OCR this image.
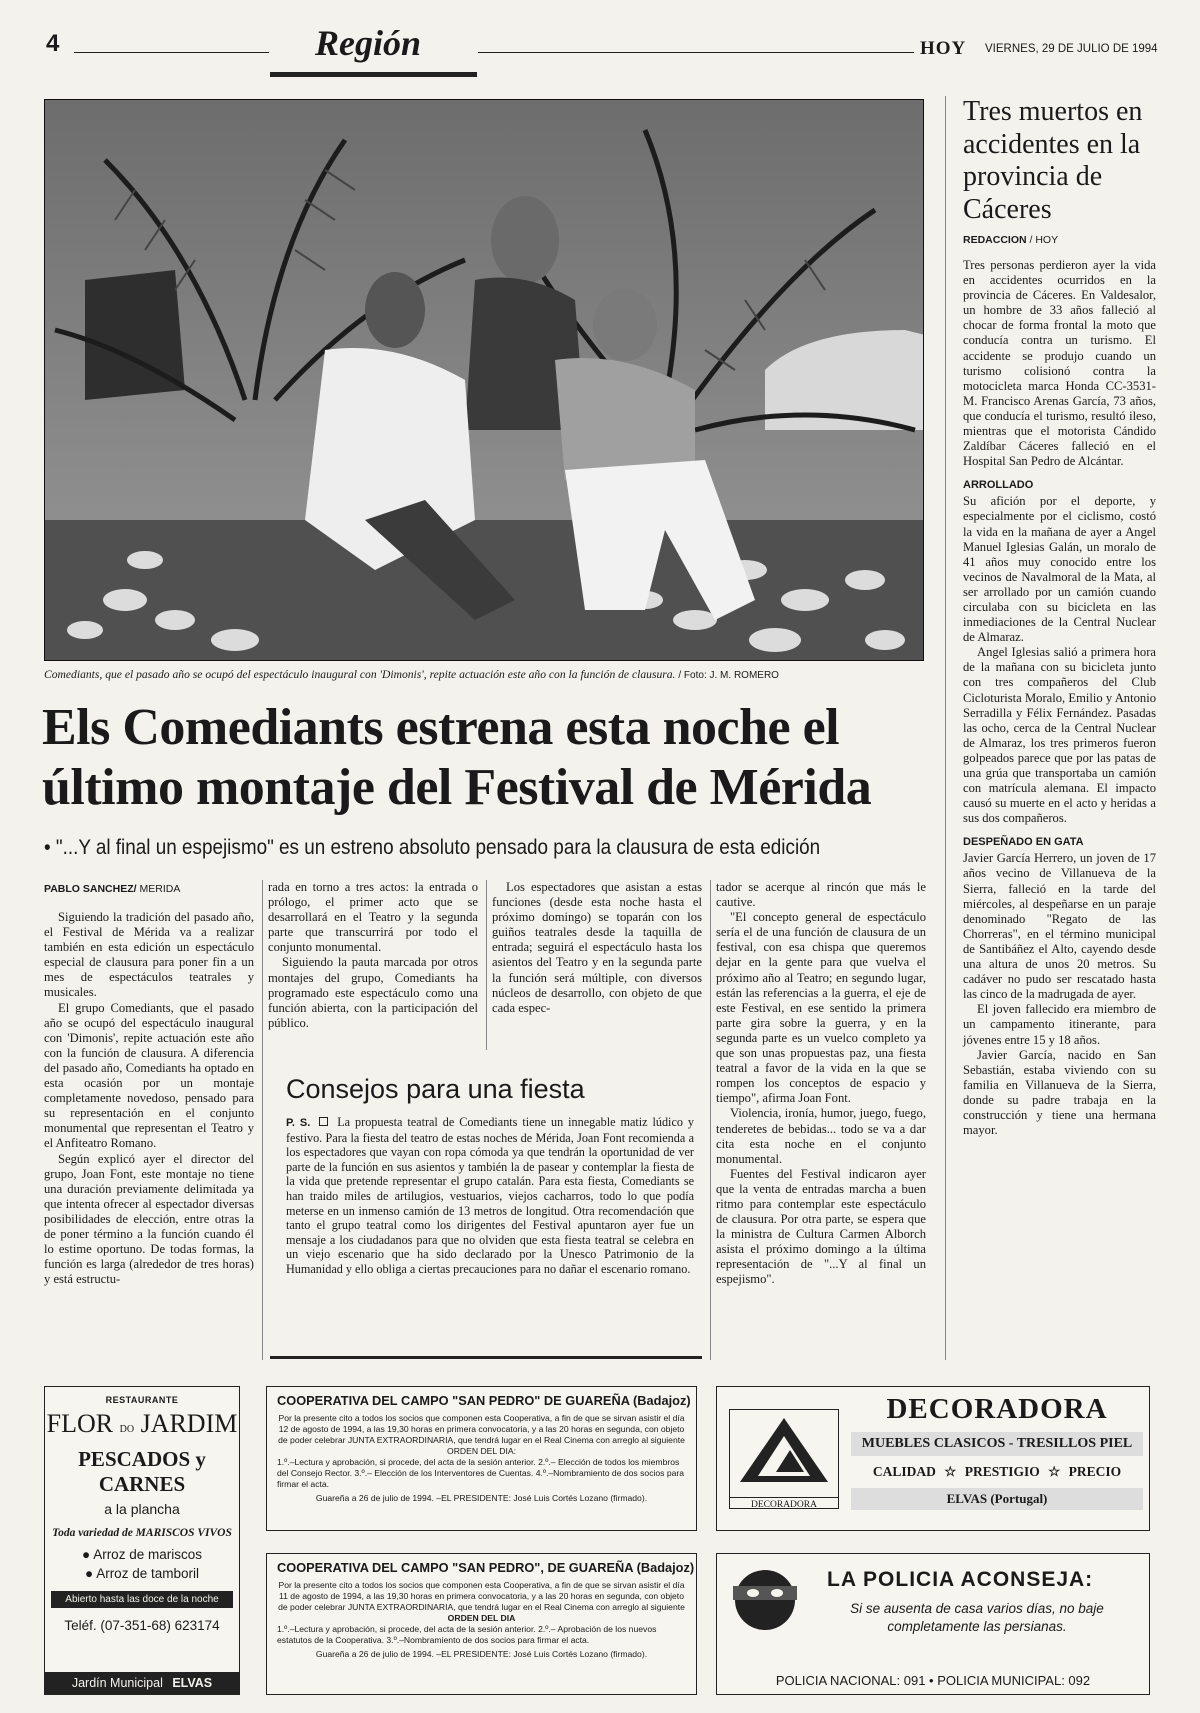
4	Región	HOY VIERNES, 29 DE JULIO DE 1994
Comediants, que el pasado año se ocupó del espectáculo inaugural con 'Dimonis', repite actuación este año con la función de clausura. / Foto: J. M. ROMERO
Els Comediants estrena esta noche el
último montaje del Festival de Mérida
• "...Y al final un espejismo" es un estreno absoluto pensado para la clausura de esta edición
PABLO SANCHEZ/ MERIDA

Siguiendo la tradición del pasado año, el Festival de Mérida va a realizar también en esta edición un espectáculo especial de clausura para poner fin a un mes de espectáculos teatrales y musicales.

El grupo Comediants, que el pasado año se ocupó del espectáculo inaugural con 'Dimonis', repite actuación este año con la función de clausura. A diferencia del pasado año, Comediants ha optado en esta ocasión por un montaje completamente novedoso, pensado para su representación en el conjunto monumental que representan el Teatro y el Anfiteatro Romano.

Según explicó ayer el director del grupo, Joan Font, este montaje no tiene una duración previamente delimitada ya que intenta ofrecer al espectador diversas posibilidades de elección, entre otras la de poner término a la función cuando él lo estime oportuno. De todas formas, la función es larga (alrededor de tres horas) y está estructu-

rada en torno a tres actos: la entrada o prólogo, el primer acto que se desarrollará en el Teatro y la segunda parte que transcurrirá por todo el conjunto monumental.

Siguiendo la pauta marcada por otros montajes del grupo, Comediants ha programado este espectáculo como una función abierta, con la participación del público.

Los espectadores que asistan a estas funciones (desde esta noche hasta el próximo domingo) se toparán con los guiños teatrales desde la taquilla de entrada; seguirá el espectáculo hasta los asientos del Teatro y en la segunda parte la función será múltiple, con diversos núcleos de desarrollo, con objeto de que cada espec-

tador se acerque al rincón que más le cautive.

"El concepto general de espectáculo sería el de una función de clausura de un festival, con esa chispa que queremos dejar en la gente para que vuelva el próximo año al Teatro; en segundo lugar, están las referencias a la guerra, el eje de este Festival, en ese sentido la primera parte gira sobre la guerra, y en la segunda parte es un vuelco completo ya que son unas propuestas paz, una fiesta teatral a favor de la vida en la que se rompen los conceptos de espacio y tiempo", afirma Joan Font.

Violencia, ironía, humor, juego, fuego, tenderetes de bebidas... todo se va a dar cita esta noche en el conjunto monumental.

Fuentes del Festival indicaron ayer que la venta de entradas marcha a buen ritmo para contemplar este espectáculo de clausura. Por otra parte, se espera que la ministra de Cultura Carmen Alborch asista el próximo domingo a la última representación de "...Y al final un espejismo".

Consejos para una fiesta

P. S. La propuesta teatral de Comediants tiene un innegable matiz lúdico y festivo. Para la fiesta del teatro de estas noches de Mérida, Joan Font recomienda a los espectadores que vayan con ropa cómoda ya que tendrán la oportunidad de ver parte de la función en sus asientos y también la de pasear y contemplar la fiesta de la vida que pretende representar el grupo catalán. Para esta fiesta, Comediants se han traido miles de artilugios, vestuarios, viejos cacharros, todo lo que podía meterse en un inmenso camión de 13 metros de longitud. Otra recomendación que tanto el grupo teatral como los dirigentes del Festival apuntaron ayer fue un mensaje a los ciudadanos para que no olviden que esta fiesta teatral se celebra en un viejo escenario que ha sido declarado por la Unesco Patrimonio de la Humanidad y ello obliga a ciertas precauciones para no dañar el escenario romano.

Tres muertos en accidentes en la provincia de Cáceres
REDACCION / HOY

Tres personas perdieron ayer la vida en accidentes ocurridos en la provincia de Cáceres. En Valdesalor, un hombre de 33 años falleció al chocar de forma frontal la moto que conducía contra un turismo. El accidente se produjo cuando un turismo colisionó contra la motocicleta marca Honda CC-3531-M. Francisco Arenas García, 73 años, que conducía el turismo, resultó ileso, mientras que el motorista Cándido Zaldíbar Cáceres falleció en el Hospital San Pedro de Alcántar.

ARROLLADO

Su afición por el deporte, y especialmente por el ciclismo, costó la vida en la mañana de ayer a Angel Manuel Iglesias Galán, un moralo de 41 años muy conocido entre los vecinos de Navalmoral de la Mata, al ser arrollado por un camión cuando circulaba con su bicicleta en las inmediaciones de la Central Nuclear de Almaraz.

Angel Iglesias salió a primera hora de la mañana con su bicicleta junto con tres compañeros del Club Cicloturista Moralo, Emilio y Antonio Serradilla y Félix Fernández. Pasadas las ocho, cerca de la Central Nuclear de Almaraz, los tres primeros fueron golpeados parece que por las patas de una grúa que transportaba un camión con matrícula alemana. El impacto causó su muerte en el acto y heridas a sus dos compañeros.

DESPEÑADO EN GATA

Javier García Herrero, un joven de 17 años vecino de Villanueva de la Sierra, falleció en la tarde del miércoles, al despeñarse en un paraje denominado "Regato de las Chorreras", en el término municipal de Santibáñez el Alto, cayendo desde una altura de unos 20 metros. Su cadáver no pudo ser rescatado hasta las cinco de la madrugada de ayer.

El joven fallecido era miembro de un campamento itinerante, para jóvenes entre 15 y 18 años.

Javier García, nacido en San Sebastián, estaba viviendo con su familia en Villanueva de la Sierra, donde su padre trabaja en la construcción y tiene una hermana mayor.

RESTAURANTE
FLOR DO JARDIM
PESCADOS y CARNES
a la plancha
Toda variedad de MARISCOS VIVOS
● Arroz de mariscos
● Arroz de tamboril
Abierto hasta las doce de la noche
Teléf. (07-351-68) 623174
Jardín Municipal ELVAS
COOPERATIVA DEL CAMPO "SAN PEDRO" DE GUAREÑA (Badajoz)
Por la presente cito a todos los socios que componen esta Cooperativa, a fin de que se sirvan asistir el día 12 de agosto de 1994, a las 19,30 horas en primera convocatoria, y a las 20 horas en segunda, con objeto de poder celebrar JUNTA EXTRAORDINARIA, que tendrá lugar en el Real Cinema con arreglo al siguiente
ORDEN DEL DIA:
1.º.–Lectura y aprobación, si procede, del acta de la sesión anterior. 2.º.– Elección de todos los miembros del Consejo Rector. 3.º.– Elección de los Interventores de Cuentas. 4.º.–Nombramiento de dos socios para firmar el acta.
Guareña a 26 de julio de 1994. –EL PRESIDENTE: José Luis Cortés Lozano (firmado).
COOPERATIVA DEL CAMPO "SAN PEDRO", DE GUAREÑA (Badajoz)
Por la presente cito a todos los socios que componen esta Cooperativa, a fin de que se sirvan asistir el día 11 de agosto de 1994, a las 19,30 horas en primera convocatoria, y a las 20 horas en segunda, con objeto de poder celebrar JUNTA EXTRAORDINARIA, que tendrá lugar en el Real Cinema con arreglo al siguiente
ORDEN DEL DIA
1.º.–Lectura y aprobación, si procede, del acta de la sesión anterior. 2.º.– Aprobación de los nuevos estatutos de la Cooperativa. 3.º.–Nombramiento de dos socios para firmar el acta.
Guareña a 26 de julio de 1994. –EL PRESIDENTE: José Luis Cortés Lozano (firmado).
DECORADORA
DECORADORA
MUEBLES CLASICOS - TRESILLOS PIEL
CALIDAD ☆ PRESTIGIO ☆ PRECIO
ELVAS (Portugal)
LA POLICIA ACONSEJA:
Si se ausenta de casa varios días, no baje completamente las persianas.
POLICIA NACIONAL: 091 • POLICIA MUNICIPAL: 092
